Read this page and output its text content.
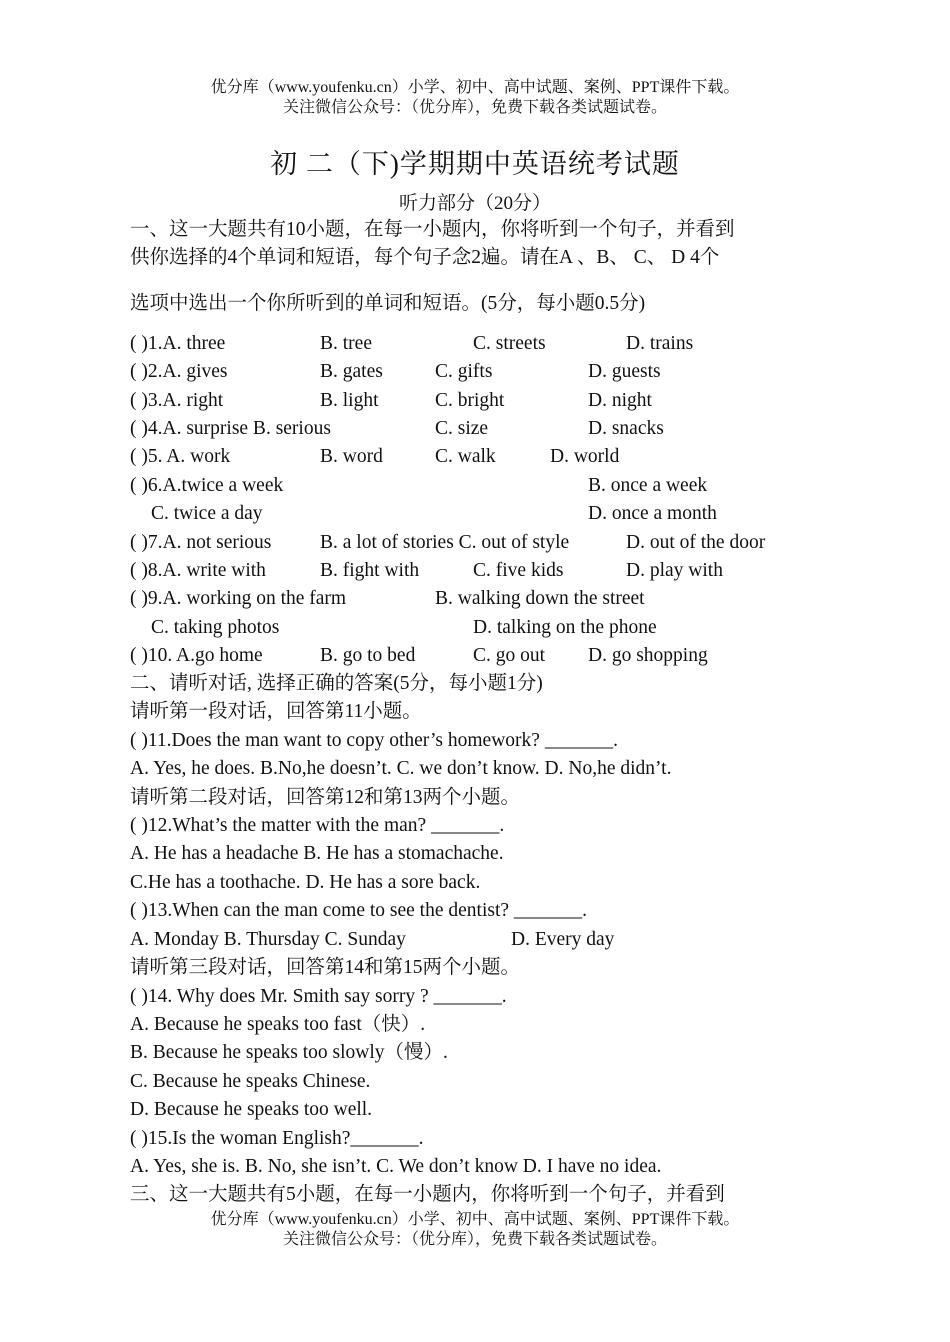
优分库（www.youfenku.cn）小学、初中、高中试题、案例、PPT课件下载。
关注微信公众号：（优分库），免费下载各类试题试卷。
初 二（下)学期期中英语统考试题
听力部分（20分）
一、这一大题共有10小题，在每一小题内，你将听到一个句子，并看到
供你选择的4个单词和短语，每个句子念2遍。请在A 、B、 C、 D 4个
选项中选出一个你所听到的单词和短语。(5分，每小题0.5分)
( )1.A. three	B. tree	C. streets	D. trains
( )2.A. gives	B. gates	C. gifts	D. guests
( )3.A. right	B. light	C. bright	D. night
( )4.A. surprise B. serious	C. size	D. snacks
( )5. A. work	B. word	C. walk	D. world
( )6.A.twice a week	B. once a week
C. twice a day	D. once a month
( )7.A. not serious B. a lot of stories C. out of style	D. out of the door
( )8.A. write with	B. fight with	C. five kids	D. play with
( )9.A. working on the farm	B. walking down the street
C. taking photos	D. talking on the phone
( )10. A.go home	B. go to bed	C. go out D. go shopping
二、请听对话, 选择正确的答案(5分，每小题1分)
请听第一段对话，回答第11小题。
( )11.Does the man want to copy other’s homework? _______.
A. Yes, he does. B.No,he doesn’t. C. we don’t know. D. No,he didn’t.
请听第二段对话，回答第12和第13两个小题。
( )12.What’s the matter with the man? _______.
A. He has a headache B. He has a stomachache.
C.He has a toothache. D. He has a sore back.
( )13.When can the man come to see the dentist? _______.
A. Monday B. Thursday C. Sunday	D. Every day
请听第三段对话，回答第14和第15两个小题。
( )14. Why does Mr. Smith say sorry ? _______.
A. Because he speaks too fast（快）.
B. Because he speaks too slowly（慢）.
C. Because he speaks Chinese.
D. Because he speaks too well.
( )15.Is the woman English?_______.
A. Yes, she is. B. No, she isn’t. C. We don’t know D. I have no idea.
三、这一大题共有5小题，在每一小题内，你将听到一个句子，并看到
优分库（www.youfenku.cn）小学、初中、高中试题、案例、PPT课件下载。
关注微信公众号：（优分库），免费下载各类试题试卷。
